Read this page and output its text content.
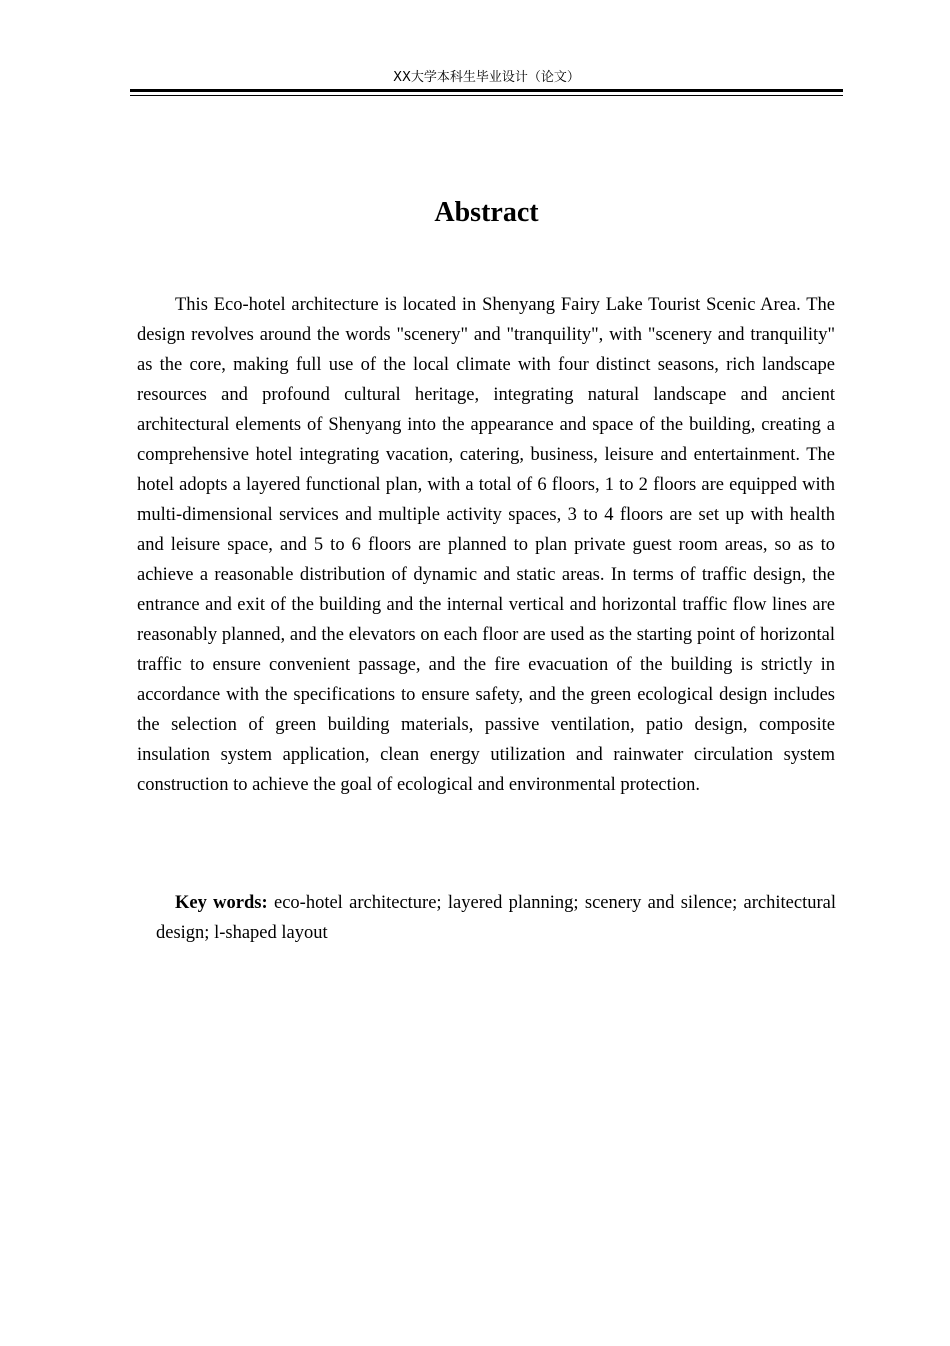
XX大学本科生毕业设计（论文）
Abstract

This Eco-hotel architecture is located in Shenyang Fairy Lake Tourist Scenic Area. The design revolves around the words "scenery" and "tranquility", with "scenery and tranquility" as the core, making full use of the local climate with four distinct seasons, rich landscape resources and profound cultural heritage, integrating natural landscape and ancient architectural elements of Shenyang into the appearance and space of the building, creating a comprehensive hotel integrating vacation, catering, business, leisure and entertainment. The hotel adopts a layered functional plan, with a total of 6 floors, 1 to 2 floors are equipped with multi-dimensional services and multiple activity spaces, 3 to 4 floors are set up with health and leisure space, and 5 to 6 floors are planned to plan private guest room areas, so as to achieve a reasonable distribution of dynamic and static areas. In terms of traffic design, the entrance and exit of the building and the internal vertical and horizontal traffic flow lines are reasonably planned, and the elevators on each floor are used as the starting point of horizontal traffic to ensure convenient passage, and the fire evacuation of the building is strictly in accordance with the specifications to ensure safety, and the green ecological design includes the selection of green building materials, passive ventilation, patio design, composite insulation system application, clean energy utilization and rainwater circulation system construction to achieve the goal of ecological and environmental protection.

Key words: eco-hotel architecture; layered planning; scenery and silence; architectural design; l-shaped layout
